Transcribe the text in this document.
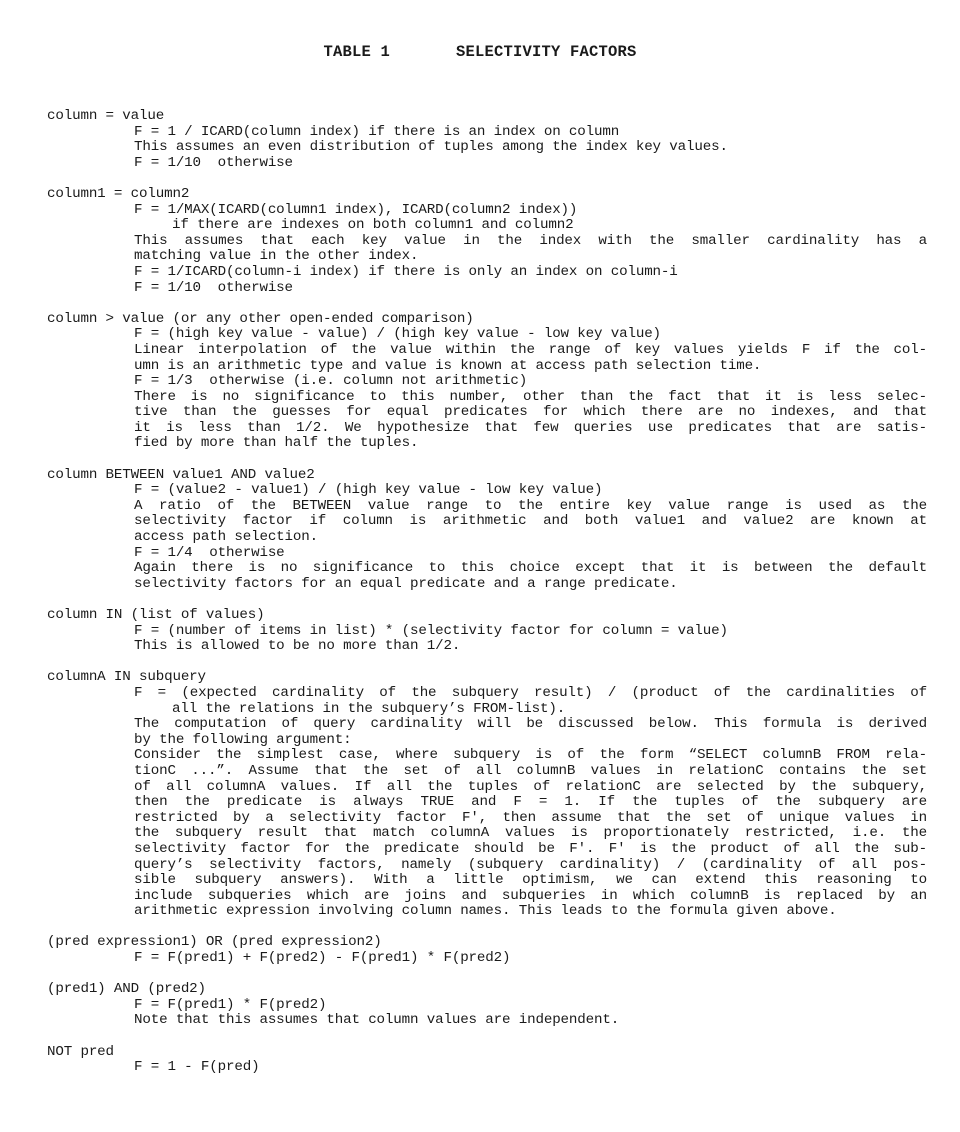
TABLE 1	SELECTIVITY FACTORS
column = value
F = 1 / ICARD(column index) if there is an index on column
This assumes an even distribution of tuples among the index key values.
F = 1/10  otherwise
column1 = column2
F = 1/MAX(ICARD(column1 index), ICARD(column2 index))
if there are indexes on both column1 and column2
This assumes that each key value in the index with the smaller cardinality has a
matching value in the other index.
F = 1/ICARD(column-i index) if there is only an index on column-i
F = 1/10  otherwise
column > value (or any other open-ended comparison)
F = (high key value - value) / (high key value - low key value)
Linear interpolation of the value within the range of key values yields F if the col-
umn is an arithmetic type and value is known at access path selection time.
F = 1/3  otherwise (i.e. column not arithmetic)
There is no significance to this number, other than the fact that it is less selec-
tive than the guesses for equal predicates for which there are no indexes, and that
it is less than 1/2. We hypothesize that few queries use predicates that are satis-
fied by more than half the tuples.
column BETWEEN value1 AND value2
F = (value2 - value1) / (high key value - low key value)
A ratio of the BETWEEN value range to the entire key value range is used as the
selectivity factor if column is arithmetic and both value1 and value2 are known at
access path selection.
F = 1/4  otherwise
Again there is no significance to this choice except that it is between the default
selectivity factors for an equal predicate and a range predicate.
column IN (list of values)
F = (number of items in list) * (selectivity factor for column = value)
This is allowed to be no more than 1/2.
columnA IN subquery
F = (expected cardinality of the subquery result) / (product of the cardinalities of
all the relations in the subquery’s FROM-list).
The computation of query cardinality will be discussed below. This formula is derived
by the following argument:
Consider the simplest case, where subquery is of the form “SELECT columnB FROM rela-
tionC ...”. Assume that the set of all columnB values in relationC contains the set
of all columnA values. If all the tuples of relationC are selected by the subquery,
then the predicate is always TRUE and F = 1. If the tuples of the subquery are
restricted by a selectivity factor F′, then assume that the set of unique values in
the subquery result that match columnA values is proportionately restricted, i.e. the
selectivity factor for the predicate should be F′. F′ is the product of all the sub-
query’s selectivity factors, namely (subquery cardinality) / (cardinality of all pos-
sible subquery answers). With a little optimism, we can extend this reasoning to
include subqueries which are joins and subqueries in which columnB is replaced by an
arithmetic expression involving column names. This leads to the formula given above.
(pred expression1) OR (pred expression2)
F = F(pred1) + F(pred2) - F(pred1) * F(pred2)
(pred1) AND (pred2)
F = F(pred1) * F(pred2)
Note that this assumes that column values are independent.
NOT pred
F = 1 - F(pred)
